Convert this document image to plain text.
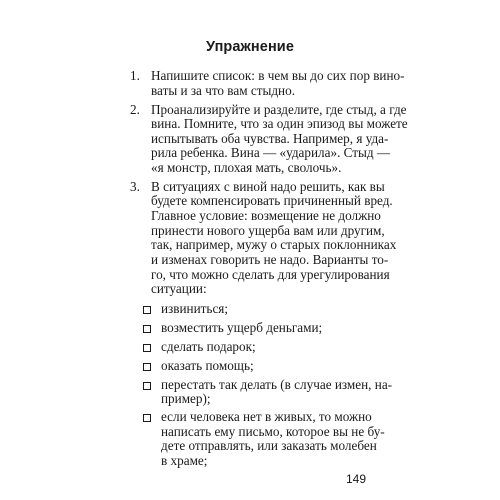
Упражнение
1. Напишите список: в чем вы до сих пор вино-
ваты и за что вам стыдно.
2. Проанализируйте и разделите, где стыд, а где
вина. Помните, что за один эпизод вы можете
испытывать оба чувства. Например, я уда-
рила ребенка. Вина — «ударила». Стыд —
«я монстр, плохая мать, сволочь».
3. В ситуациях с виной надо решить, как вы
будете компенсировать причиненный вред.
Главное условие: возмещение не должно
принести нового ущерба вам или другим,
так, например, мужу о старых поклонниках
и изменах говорить не надо. Варианты то-
го, что можно сделать для урегулирования
ситуации:
извиниться;
возместить ущерб деньгами;
сделать подарок;
оказать помощь;
перестать так делать (в случае измен, на-
пример);
если человека нет в живых, то можно
написать ему письмо, которое вы не бу-
дете отправлять, или заказать молебен
в храме;
149
